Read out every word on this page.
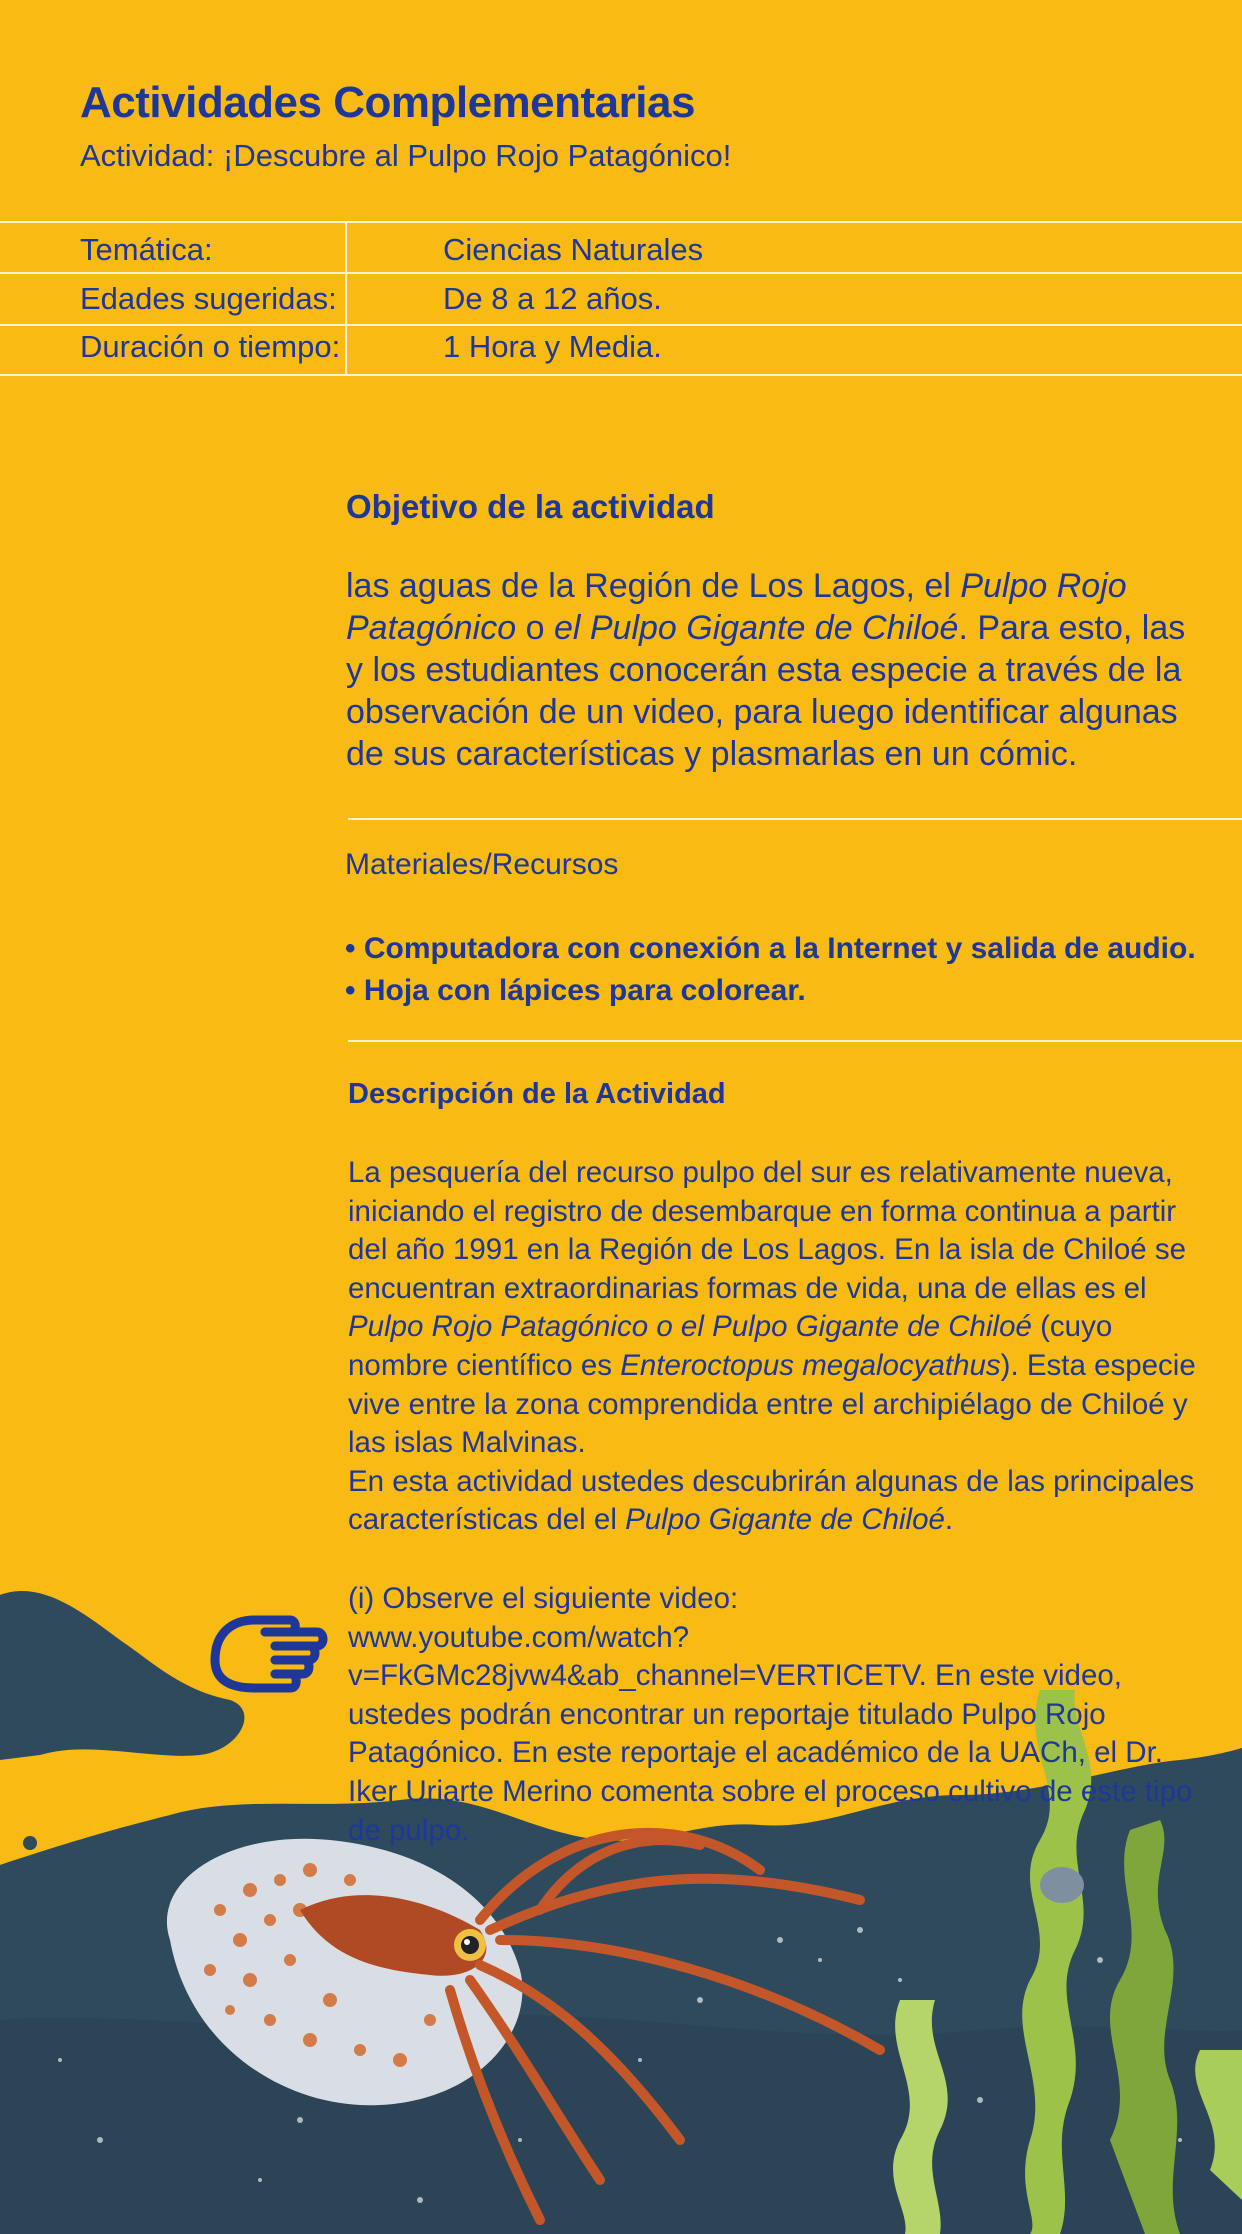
Actividades Complementarias
Actividad: ¡Descubre al Pulpo Rojo Patagónico!
Temática:	Ciencias Naturales
Edades sugeridas:	De 8 a 12 años.
Duración o tiempo:	1 Hora y Media.
Objetivo de la actividad
las aguas de la Región de Los Lagos, el Pulpo Rojo Patagónico o el Pulpo Gigante de Chiloé. Para esto, las y los estudiantes conocerán esta especie a través de la observación de un video, para luego identificar algunas de sus características y plasmarlas en un cómic.
Materiales/Recursos
• Computadora con conexión a la Internet y salida de audio.
• Hoja con lápices para colorear.
Descripción de la Actividad

La pesquería del recurso pulpo del sur es relativamente nueva, iniciando el registro de desembarque en forma continua a partir del año 1991 en la Región de Los Lagos. En la isla de Chiloé se encuentran extraordinarias formas de vida, una de ellas es el Pulpo Rojo Patagónico o el Pulpo Gigante de Chiloé (cuyo nombre científico es Enteroctopus megalocyathus). Esta especie vive entre la zona comprendida entre el archipiélago de Chiloé y las islas Malvinas.

En esta actividad ustedes descubrirán algunas de las principales características del el Pulpo Gigante de Chiloé.

(i) Observe el siguiente video:
www.youtube.com/watch?v=FkGMc28jvw4&ab_channel=VERTICETV. En este video, ustedes podrán encontrar un reportaje titulado Pulpo Rojo Patagónico. En este reportaje el académico de la UACh, el Dr. Iker Uriarte Merino comenta sobre el proceso cultivo de este tipo de pulpo.
